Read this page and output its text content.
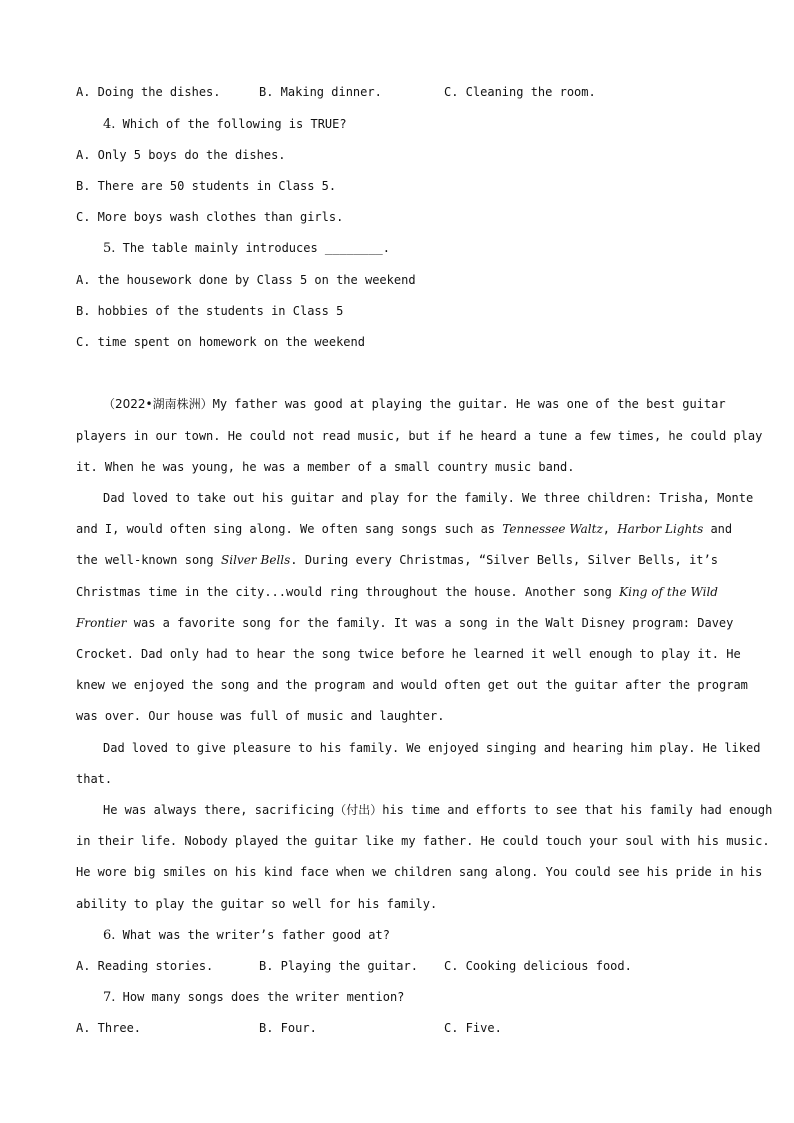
A. Doing the dishes.	B. Making dinner.	C. Cleaning the room.
4. Which of the following is TRUE?
A. Only 5 boys do the dishes.
B. There are 50 students in Class 5.
C. More boys wash clothes than girls.
5. The table mainly introduces ________.
A. the housework done by Class 5 on the weekend
B. hobbies of the students in Class 5
C. time spent on homework on the weekend
（2022•湖南株洲）My father was good at playing the guitar. He was one of the best guitar
players in our town. He could not read music, but if he heard a tune a few times, he could play
it. When he was young, he was a member of a small country music band.
Dad loved to take out his guitar and play for the family. We three children: Trisha, Monte
and I, would often sing along. We often sang songs such as Tennessee Waltz, Harbor Lights and
the well-known song Silver Bells. During every Christmas, “Silver Bells, Silver Bells, it’s
Christmas time in the city...would ring throughout the house. Another song King of the Wild
Frontier was a favorite song for the family. It was a song in the Walt Disney program: Davey
Crocket. Dad only had to hear the song twice before he learned it well enough to play it. He
knew we enjoyed the song and the program and would often get out the guitar after the program
was over. Our house was full of music and laughter.
Dad loved to give pleasure to his family. We enjoyed singing and hearing him play. He liked
that.
He was always there, sacrificing（付出）his time and efforts to see that his family had enough
in their life. Nobody played the guitar like my father. He could touch your soul with his music.
He wore big smiles on his kind face when we children sang along. You could see his pride in his
ability to play the guitar so well for his family.
6. What was the writer’s father good at?
A. Reading stories.	B. Playing the guitar. C. Cooking delicious food.
7. How many songs does the writer mention?
A. Three.	B. Four.	C. Five.
